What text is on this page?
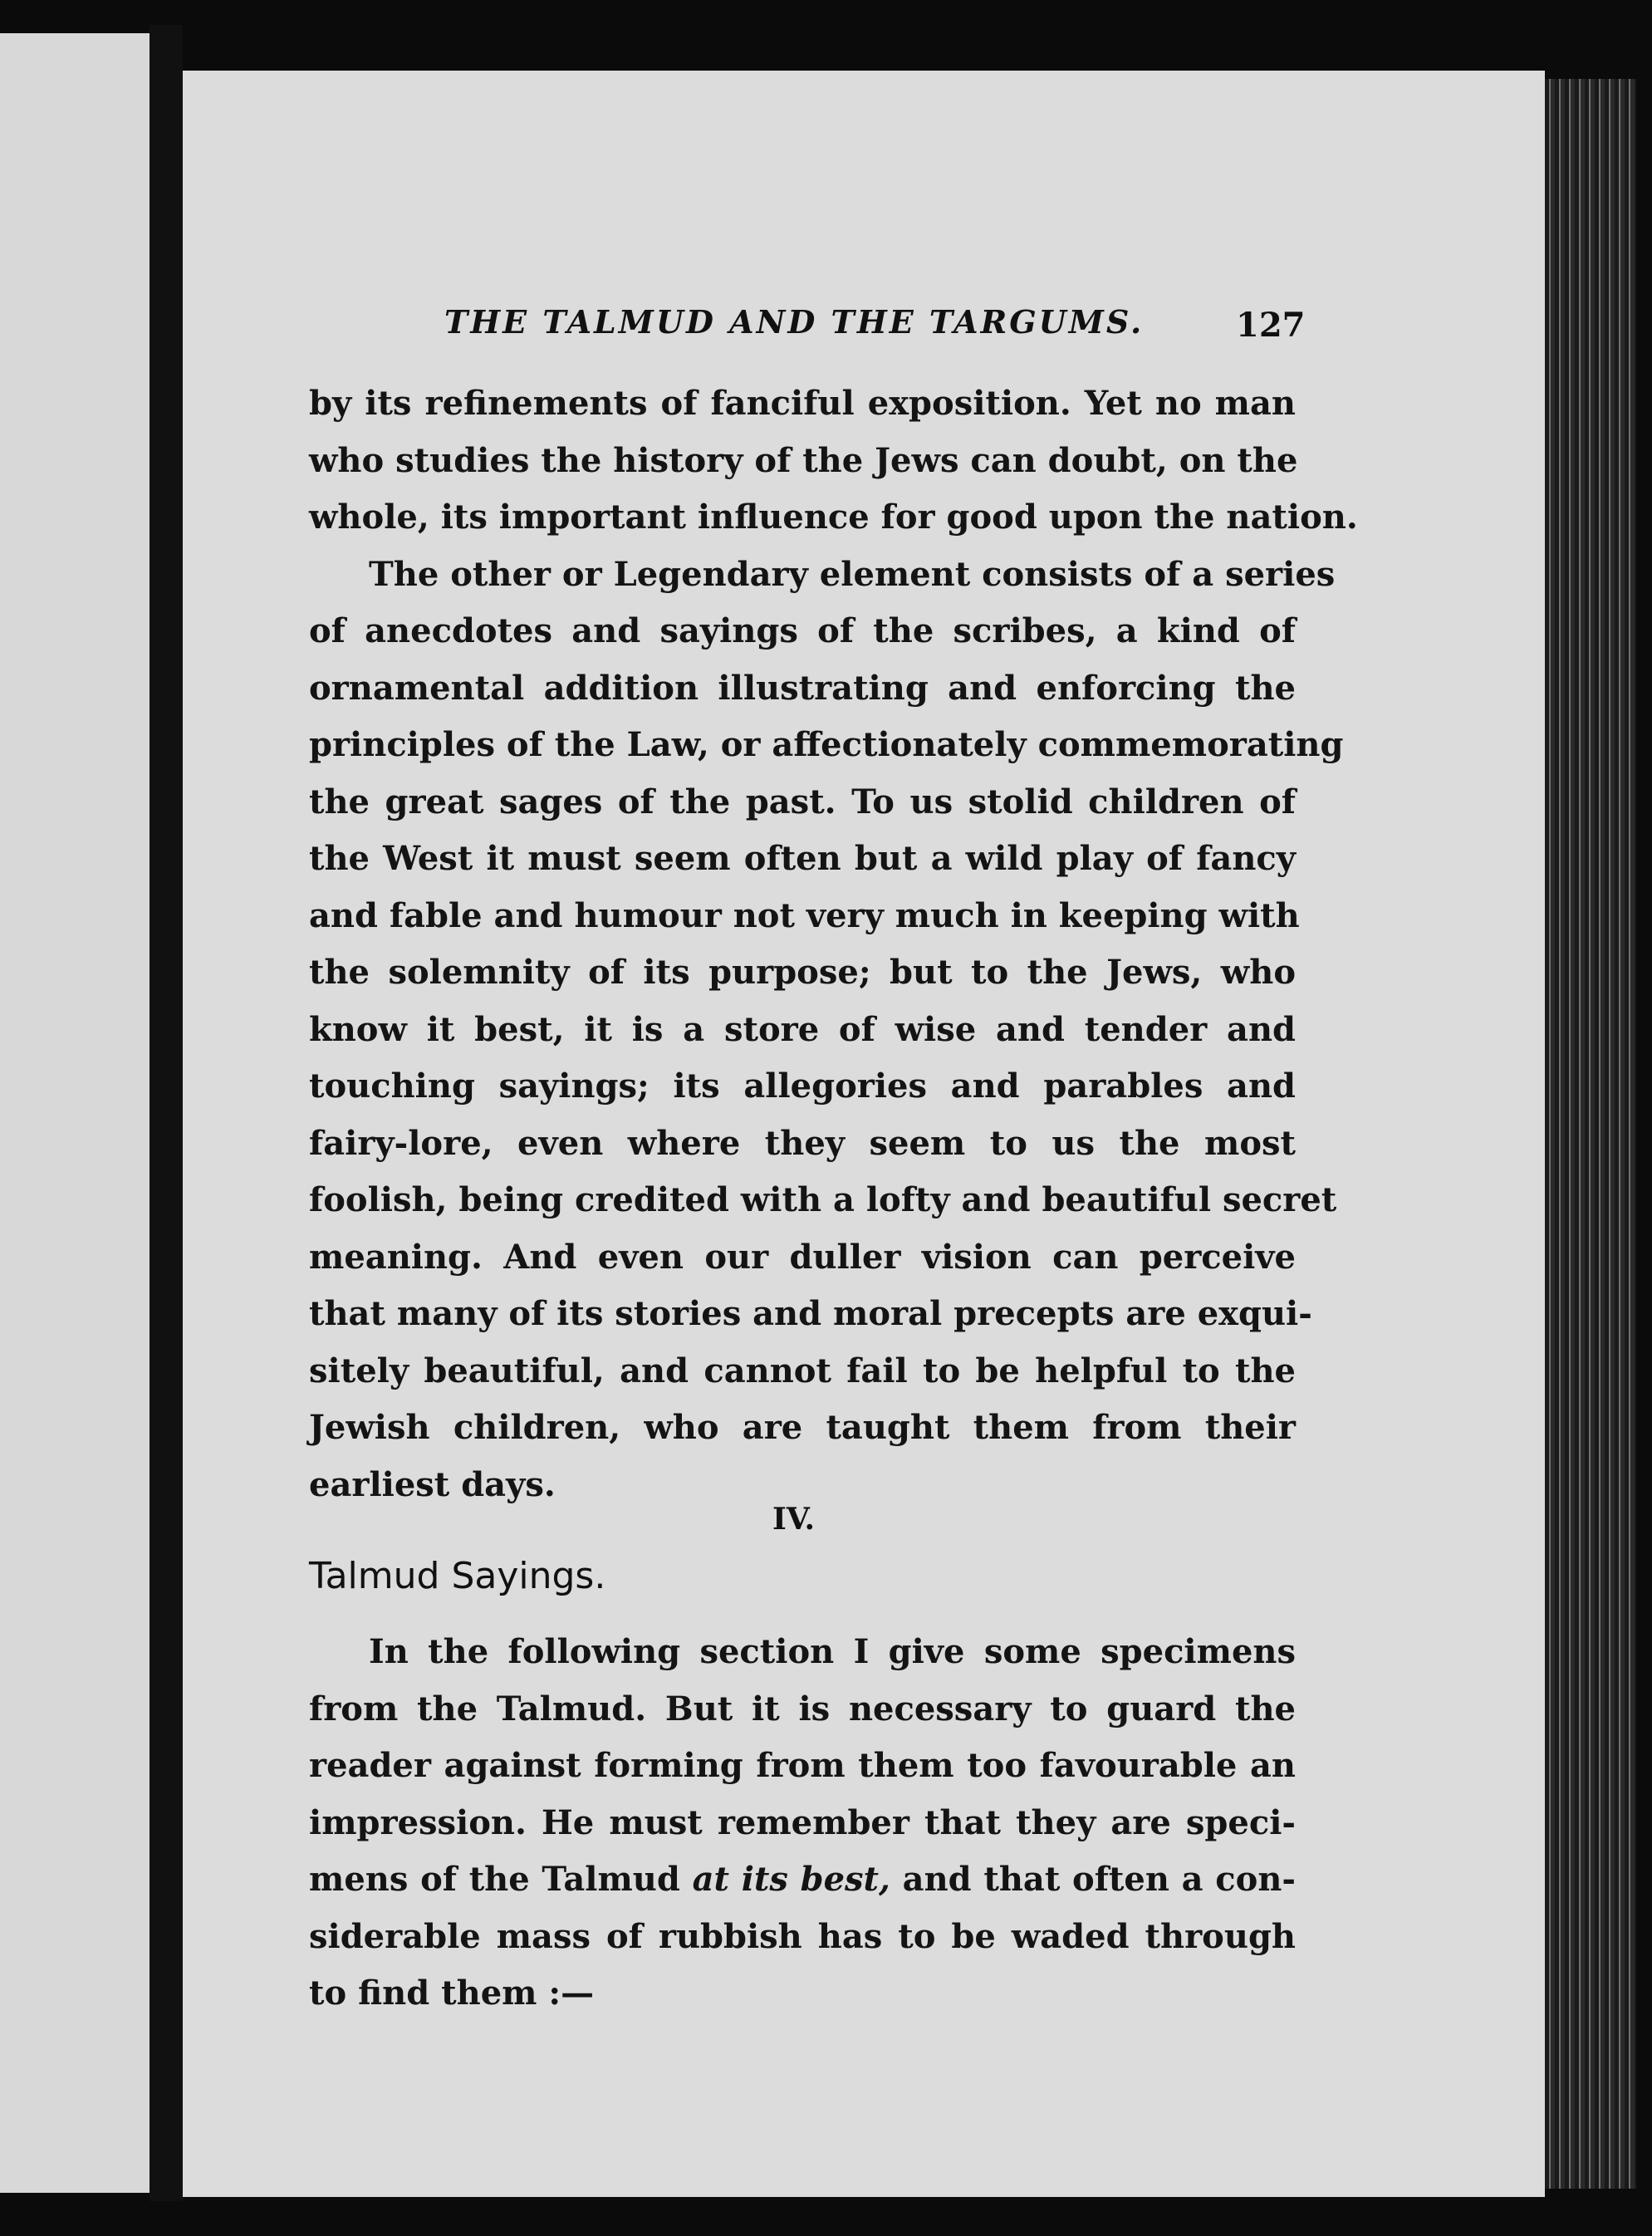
THE TALMUD AND THE TARGUMS.	127
by its refinements of fanciful exposition. Yet no man
who studies the history of the Jews can doubt, on the
whole, its important influence for good upon the nation.
The other or Legendary element consists of a series
of anecdotes and sayings of the scribes, a kind of
ornamental addition illustrating and enforcing the
principles of the Law, or affectionately commemorating
the great sages of the past. To us stolid children of
the West it must seem often but a wild play of fancy
and fable and humour not very much in keeping with
the solemnity of its purpose; but to the Jews, who
know it best, it is a store of wise and tender and
touching sayings; its allegories and parables and
fairy-lore, even where they seem to us the most
foolish, being credited with a lofty and beautiful secret
meaning. And even our duller vision can perceive
that many of its stories and moral precepts are exqui-
sitely beautiful, and cannot fail to be helpful to the
Jewish children, who are taught them from their
earliest days.
IV.
Talmud Sayings.
In the following section I give some specimens
from the Talmud. But it is necessary to guard the
reader against forming from them too favourable an
impression. He must remember that they are speci-
mens of the Talmud at its best, and that often a con-
siderable mass of rubbish has to be waded through
to find them :—
